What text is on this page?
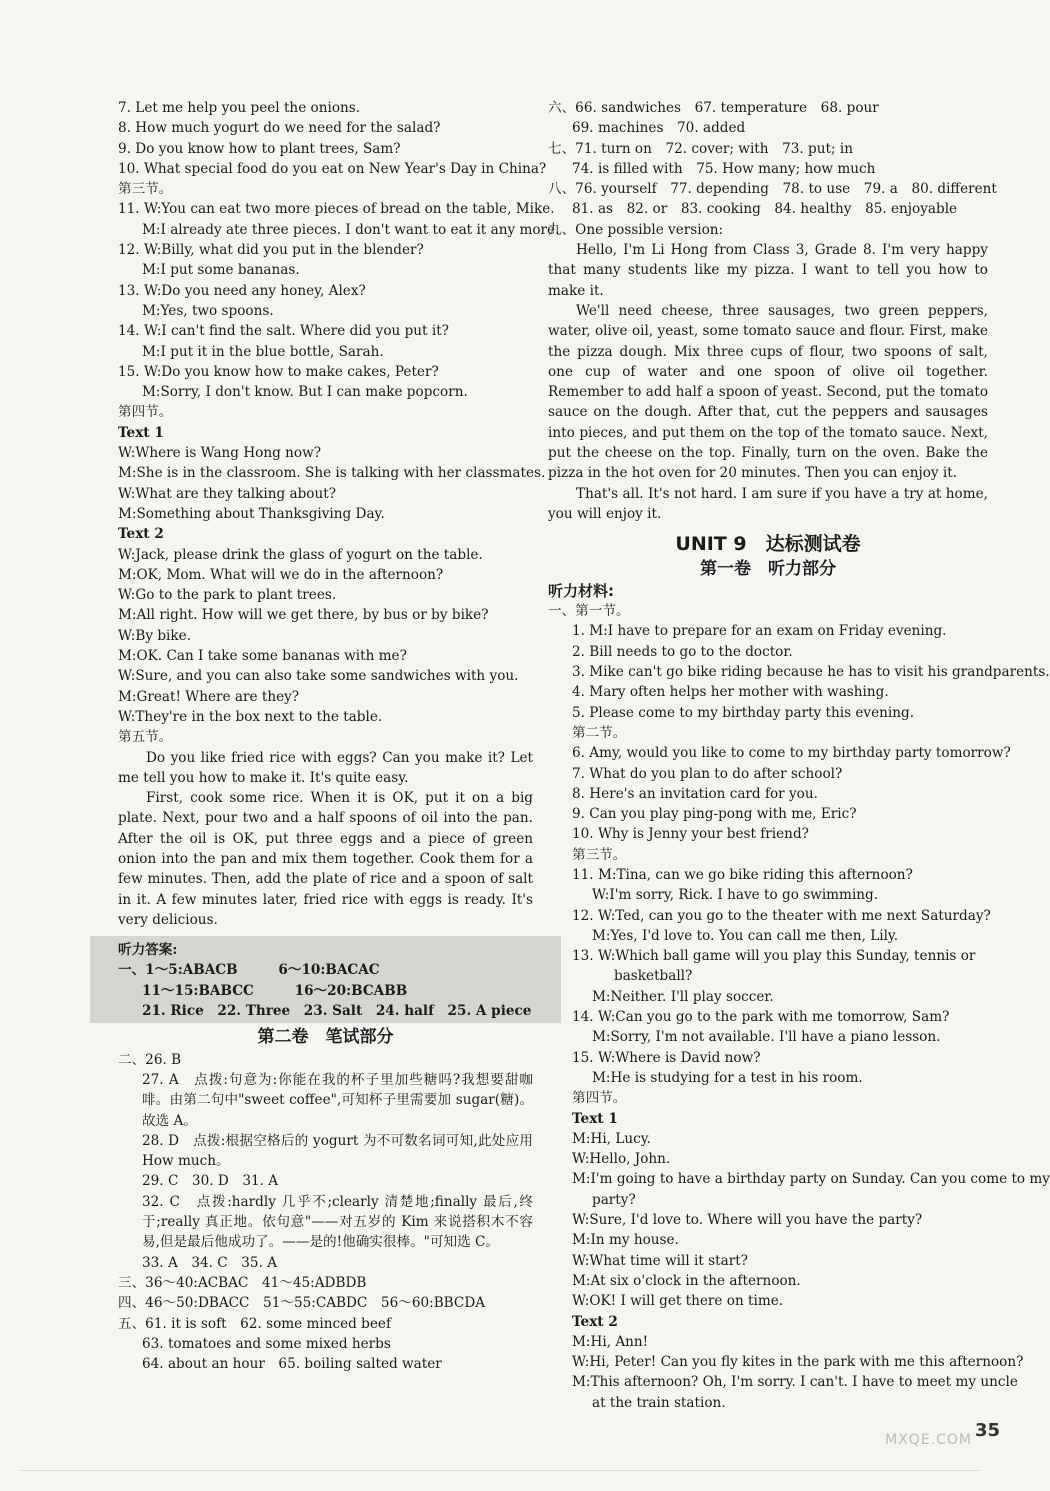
7. Let me help you peel the onions.
8. How much yogurt do we need for the salad?
9. Do you know how to plant trees, Sam?
10. What special food do you eat on New Year's Day in China?
第三节。
11. W:You can eat two more pieces of bread on the table, Mike.
M:I already ate three pieces. I don't want to eat it any more.
12. W:Billy, what did you put in the blender?
M:I put some bananas.
13. W:Do you need any honey, Alex?
M:Yes, two spoons.
14. W:I can't find the salt. Where did you put it?
M:I put it in the blue bottle, Sarah.
15. W:Do you know how to make cakes, Peter?
M:Sorry, I don't know. But I can make popcorn.
第四节。
Text 1
W:Where is Wang Hong now?
M:She is in the classroom. She is talking with her classmates.
W:What are they talking about?
M:Something about Thanksgiving Day.
Text 2
W:Jack, please drink the glass of yogurt on the table.
M:OK, Mom. What will we do in the afternoon?
W:Go to the park to plant trees.
M:All right. How will we get there, by bus or by bike?
W:By bike.
M:OK. Can I take some bananas with me?
W:Sure, and you can also take some sandwiches with you.
M:Great! Where are they?
W:They're in the box next to the table.
第五节。
Do you like fried rice with eggs? Can you make it? Let me tell you how to make it. It's quite easy.
First, cook some rice. When it is OK, put it on a big plate. Next, pour two and a half spoons of oil into the pan. After the oil is OK, put three eggs and a piece of green onion into the pan and mix them together. Cook them for a few minutes. Then, add the plate of rice and a spoon of salt in it. A few minutes later, fried rice with eggs is ready. It's very delicious.
听力答案:
一、1～5:ABACB　　　6～10:BACAC
11～15:BABCC　　　16～20:BCABB
21. Rice　22. Three　23. Salt　24. half　25. A piece
第二卷　笔试部分
二、26. B
27. A　点拨:句意为:你能在我的杯子里加些糖吗?我想要甜咖啡。由第二句中"sweet coffee",可知杯子里需要加 sugar(糖)。故选 A。
28. D　点拨:根据空格后的 yogurt 为不可数名词可知,此处应用 How much。
29. C　30. D　31. A
32. C　点拨:hardly 几乎不;clearly 清楚地;finally 最后,终于;really 真正地。依句意"——对五岁的 Kim 来说搭积木不容易,但是最后他成功了。——是的!他确实很棒。"可知选 C。
33. A　34. C　35. A
三、36～40:ACBAC　41～45:ADBDB
四、46～50:DBACC　51～55:CABDC　56～60:BBCDA
五、61. it is soft　62. some minced beef
63. tomatoes and some mixed herbs
64. about an hour　65. boiling salted water
六、66. sandwiches　67. temperature　68. pour
69. machines　70. added
七、71. turn on　72. cover; with　73. put; in
74. is filled with　75. How many; how much
八、76. yourself　77. depending　78. to use　79. a　80. different
81. as　82. or　83. cooking　84. healthy　85. enjoyable
九、One possible version:
Hello, I'm Li Hong from Class 3, Grade 8. I'm very happy that many students like my pizza. I want to tell you how to make it.
We'll need cheese, three sausages, two green peppers, water, olive oil, yeast, some tomato sauce and flour. First, make the pizza dough. Mix three cups of flour, two spoons of salt, one cup of water and one spoon of olive oil together. Remember to add half a spoon of yeast. Second, put the tomato sauce on the dough. After that, cut the peppers and sausages into pieces, and put them on the top of the tomato sauce. Next, put the cheese on the top. Finally, turn on the oven. Bake the pizza in the hot oven for 20 minutes. Then you can enjoy it.
That's all. It's not hard. I am sure if you have a try at home, you will enjoy it.
UNIT 9　达标测试卷
第一卷　听力部分
听力材料:
一、第一节。
1. M:I have to prepare for an exam on Friday evening.
2. Bill needs to go to the doctor.
3. Mike can't go bike riding because he has to visit his grandparents.
4. Mary often helps her mother with washing.
5. Please come to my birthday party this evening.
第二节。
6. Amy, would you like to come to my birthday party tomorrow?
7. What do you plan to do after school?
8. Here's an invitation card for you.
9. Can you play ping-pong with me, Eric?
10. Why is Jenny your best friend?
第三节。
11. M:Tina, can we go bike riding this afternoon?
W:I'm sorry, Rick. I have to go swimming.
12. W:Ted, can you go to the theater with me next Saturday?
M:Yes, I'd love to. You can call me then, Lily.
13. W:Which ball game will you play this Sunday, tennis or
basketball?
M:Neither. I'll play soccer.
14. W:Can you go to the park with me tomorrow, Sam?
M:Sorry, I'm not available. I'll have a piano lesson.
15. W:Where is David now?
M:He is studying for a test in his room.
第四节。
Text 1
M:Hi, Lucy.
W:Hello, John.
M:I'm going to have a birthday party on Sunday. Can you come to my
party?
W:Sure, I'd love to. Where will you have the party?
M:In my house.
W:What time will it start?
M:At six o'clock in the afternoon.
W:OK! I will get there on time.
Text 2
M:Hi, Ann!
W:Hi, Peter! Can you fly kites in the park with me this afternoon?
M:This afternoon? Oh, I'm sorry. I can't. I have to meet my uncle
at the train station.
35
MXQE.COM
